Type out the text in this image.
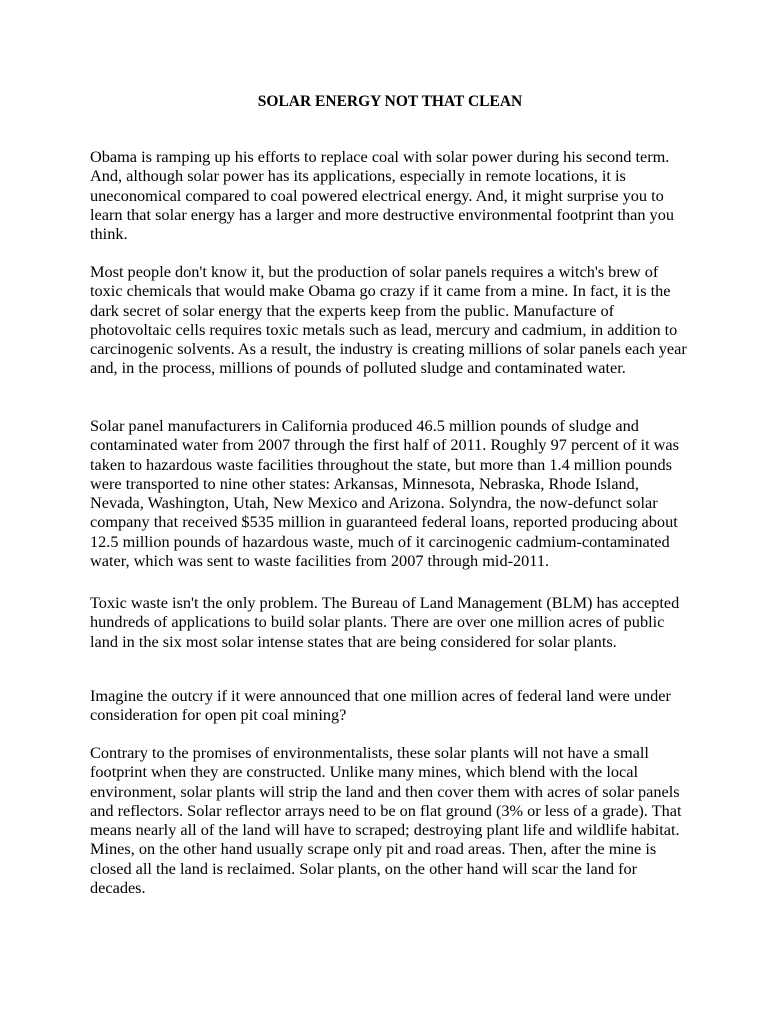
SOLAR ENERGY NOT THAT CLEAN

Obama is ramping up his efforts to replace coal with solar power during his second term. And, although solar power has its applications, especially in remote locations, it is uneconomical compared to coal powered electrical energy. And, it might surprise you to learn that solar energy has a larger and more destructive environmental footprint than you think.

Most people don't know it, but the production of solar panels requires a witch's brew of toxic chemicals that would make Obama go crazy if it came from a mine. In fact, it is the dark secret of solar energy that the experts keep from the public. Manufacture of photovoltaic cells requires toxic metals such as lead, mercury and cadmium, in addition to carcinogenic solvents. As a result, the industry is creating millions of solar panels each year and, in the process, millions of pounds of polluted sludge and contaminated water.

Solar panel manufacturers in California produced 46.5 million pounds of sludge and contaminated water from 2007 through the first half of 2011. Roughly 97 percent of it was taken to hazardous waste facilities throughout the state, but more than 1.4 million pounds were transported to nine other states: Arkansas, Minnesota, Nebraska, Rhode Island, Nevada, Washington, Utah, New Mexico and Arizona. Solyndra, the now-defunct solar company that received $535 million in guaranteed federal loans, reported producing about 12.5 million pounds of hazardous waste, much of it carcinogenic cadmium-contaminated water, which was sent to waste facilities from 2007 through mid-2011.

Toxic waste isn't the only problem. The Bureau of Land Management (BLM) has accepted hundreds of applications to build solar plants. There are over one million acres of public land in the six most solar intense states that are being considered for solar plants.

Imagine the outcry if it were announced that one million acres of federal land were under consideration for open pit coal mining?

Contrary to the promises of environmentalists, these solar plants will not have a small footprint when they are constructed. Unlike many mines, which blend with the local environment, solar plants will strip the land and then cover them with acres of solar panels and reflectors. Solar reflector arrays need to be on flat ground (3% or less of a grade). That means nearly all of the land will have to scraped; destroying plant life and wildlife habitat. Mines, on the other hand usually scrape only pit and road areas. Then, after the mine is closed all the land is reclaimed. Solar plants, on the other hand will scar the land for decades.
